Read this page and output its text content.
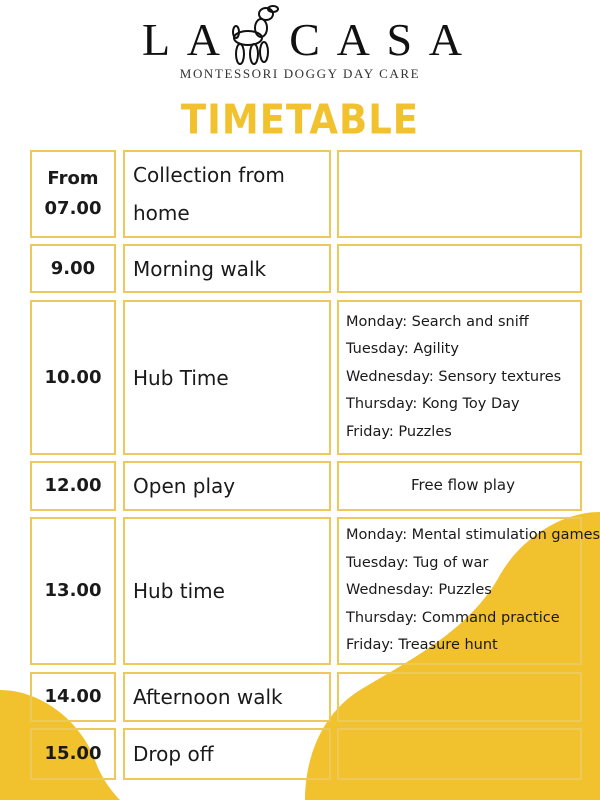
L A C A S A
MONTESSORI DOGGY DAY CARE
TIMETABLE
From
07.00
Collection from
home
9.00 Morning walk
10.00 Hub Time
Monday: Search and sniff
Tuesday: Agility
Wednesday: Sensory textures
Thursday: Kong Toy Day
Friday: Puzzles
12.00 Open play	Free flow play
13.00 Hub time
Monday: Mental stimulation games
Tuesday: Tug of war
Wednesday: Puzzles
Thursday: Command practice
Friday: Treasure hunt
14.00 Afternoon walk
15.00 Drop off
